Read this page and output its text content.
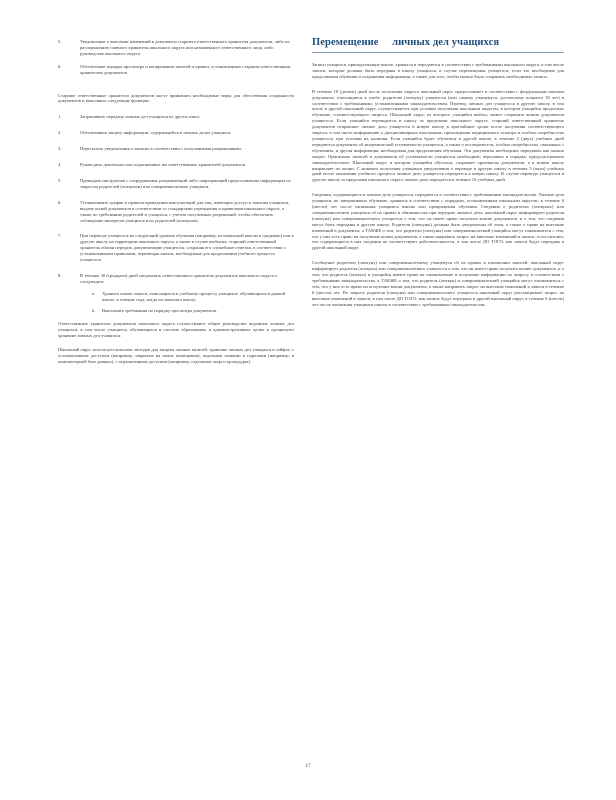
5.	Уведомление о внесении изменений в документы старшего ответственного хранителя документов, либо по распоряжению главного хранителя школьного округа или назначенного ответственного лица, либо руководства школьного округа.
6.	Обеспечение порядка просмотра и копирования записей и правил, установленных старшим ответственным хранителем документов.

Старшие ответственные хранители документов могут принимать необходимые меры для обеспечения сохранности документов и выполнять следующие функции:

1.	Запрашивать передачу личных дел учащихся из других школ.
2.	Обеспечивать защиту информации, содержащейся в личных делах учащихся.
3.	Пересылать уведомления о записях в соответствии с полученными разрешениями.
4.	Руководить деятельностью подчиненных им ответственных хранителей документов.
5.	Проводить инструктаж с сотрудниками, разрешающий либо запрещающий предоставление информации по запросам родителей (опекунов) или совершеннолетних учащихся.
6.	Устанавливать график и правила проведения консультаций для лиц, имеющих доступ к записям учащихся, выдачу копий документов в соответствии со стандартами учреждения и правилами школьного округа, а также по требованию родителей и учащихся, с учетом полученных разрешений, чтобы обеспечить соблюдение интересов учащихся и их родителей (опекунов).
7.	При переводе учащегося на следующий уровень обучения (например, из начальной школы в среднюю) или в другую школу на территории школьного округа, а также в случае выбытия, старший ответственный хранитель обязан передать документацию учащегося, сохраняя его служебные отметки, в соответствии с установленными правилами, перемещая записи, необходимые для продолжения учебного процесса учащегося.
8.	В течение 30 (тридцати) дней уведомлять ответственного хранителя документов школьного округа о следующем:
a. Хранить только записи, относящиеся к учебному процессу учащихся, обучающихся в данной школе, в течение года, когда он закончил школу;
b. Выполнять требования по порядку просмотра документов.

Ответственные хранители документов школьного округа осуществляют общее руководство ведением личных дел учащихся, в том числе учащихся, обучающихся в системе образования, в административных целях и организуют хранение личных дел учащихся.

Школьный округ использует комплекс методов для защиты личных записей: хранение личных дел учащихся в сейфах, с установленным доступом (например, закрытые на замок помещения), кодовыми замками и паролями (например, в компьютерной базе данных), с ограниченным доступом (например, отдельные лица и процедуры).

Перемещение     личных дел учащихся

Записи учащихся, принадлежащие школе, хранятся и передаются в соответствии с требованиями школьного округа, в том числе записи, которые должны быть переданы в школу учащихся, в случае перемещения учащегося, если это необходимо для продолжения обучения и сохранения информации, а также для того, чтобы можно было сохранить необходимые записи.

В течение 10 (десяти) дней после получения запроса школьный округ предоставляет в соответствии с федеральным законом документы, относящиеся к учебе, родителю (опекуну) учащегося (или самому учащемуся, достигшему возраста 18 лет) в соответствии с требованиями, установленными законодательством. Перевод личных дел учащегося в другую школу, в том числе в другой школьный округ, осуществляется при условии получения школьным округом, в котором учащийся продолжит обучение, соответствующего запроса. Школьный округ, из которого учащийся выбыл, может сохранить копию документов учащегося. Если учащийся переводится в школу за пределами школьного округа, старший ответственный хранитель документов отправляет личное дело учащегося в новую школу в кратчайшие сроки после получения соответствующего запроса, в том числе информацию о дисциплинарных взысканиях, прохождении медицинского осмотра и особых потребностях учащегося, при условии их наличия. Если учащийся будет обучаться в другой школе, в течение 2 (двух) учебных дней передаются документы об академической успеваемости учащегося, а также о посещаемости, особых потребностях, связанных с обучением, и другая информация, необходимая для продолжения обучения. Эти документы необходимо передавать как можно скорее. Оригиналы записей и документов об успеваемости учащегося необходимо передавать в порядке, предусмотренном законодательством. Школьный округ, в котором учащийся обучался, сохраняет оригиналы документов, а в новую школу направляет их копии. С момента получения учащимся уведомления о переводе в другую школу в течение 5 (пяти) учебных дней после окончания учебного процесса личное дело учащегося передается в новую школу. В случае перевода учащегося в другую школу за пределами школьного округа личное дело передается в течение 10 учебных дней.

Сведения, содержащиеся в личном деле учащегося, передаются в соответствии с требованиями законодательства. Личные дела учащихся, не завершивших обучение, хранятся в соответствии с порядком, установленным школьным округом, в течение 6 (шести) лет после окончания учащимся школы или прекращения обучения. Сведения о родителях (опекунах) или совершеннолетнем учащемся об их правах и обязанностях при передаче личного дела, школьный округ информирует родителя (опекуна) или совершеннолетнего учащегося о том, что он имеет право получить копию документов, и о том, что сведения могут быть переданы в другую школу. Родители (опекуны) должны быть уведомлены об этом, а также о праве на внесение изменений в документы, а ТАКЖЕ о том, что родители (опекуны) или совершеннолетний учащийся могут ознакомиться с тем, что у них есть право на получение копии документов, а также направить запрос на внесение изменений в записи, если считают, что содержащиеся в них сведения не соответствуют действительности, в том числе ДО ТОГО, как записи будут переданы в другой школьный округ.

Сообщение родителю (опекуну) или совершеннолетнему учащемуся об их правах в отношении записей, школьный округ информирует родителя (опекуна) или совершеннолетнего учащегося о том, что он имеет право получить копию документов, и о том, что родитель (опекун) и учащийся имеют право на ознакомление и получение информации по запросу в соответствии с требованиями законодательства, а ТАКЖЕ о том, что родитель (опекун) и совершеннолетний учащийся могут ознакомиться с тем, что у них есть право на получение копии документов, а также направить запрос на внесение изменений в записи в течение 6 (шести) лет. По запросу родителя (опекуна) или совершеннолетнего учащегося школьный округ рассматривает запрос на внесение изменений в записи, в том числе ДО ТОГО, как записи будут переданы в другой школьный округ, в течение 6 (шести) лет после окончания учащимся школы в соответствии с требованиями законодательства.

17
